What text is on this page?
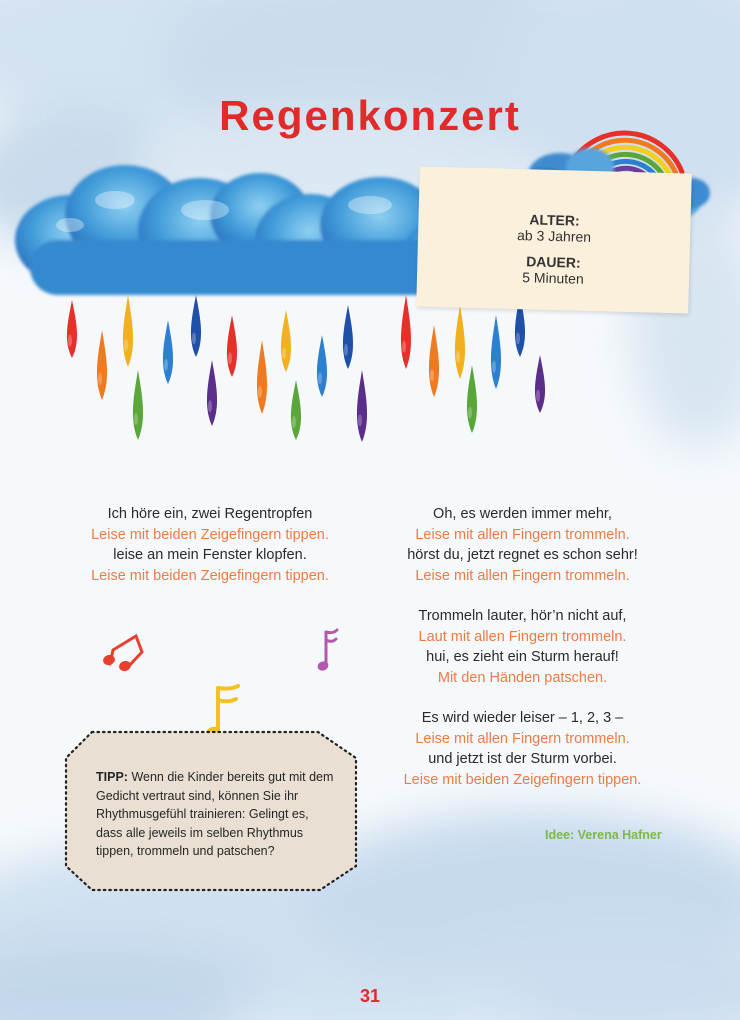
Regenkonzert
ALTER:
ab 3 Jahren
DAUER:
5 Minuten
Ich höre ein, zwei Regentropfen
Leise mit beiden Zeigefingern tippen.
leise an mein Fenster klopfen.
Leise mit beiden Zeigefingern tippen.
Oh, es werden immer mehr,
Leise mit allen Fingern trommeln.
hörst du, jetzt regnet es schon sehr!
Leise mit allen Fingern trommeln.
Trommeln lauter, hör’n nicht auf,
Laut mit allen Fingern trommeln.
hui, es zieht ein Sturm herauf!
Mit den Händen patschen.
Es wird wieder leiser – 1, 2, 3 –
Leise mit allen Fingern trommeln.
und jetzt ist der Sturm vorbei.
Leise mit beiden Zeigefingern tippen.
Idee: Verena Hafner
TIPP: Wenn die Kinder bereits gut mit dem Gedicht vertraut sind, können Sie ihr Rhythmusgefühl trainieren: Gelingt es, dass alle jeweils im selben Rhythmus tippen, trommeln und patschen?
31
